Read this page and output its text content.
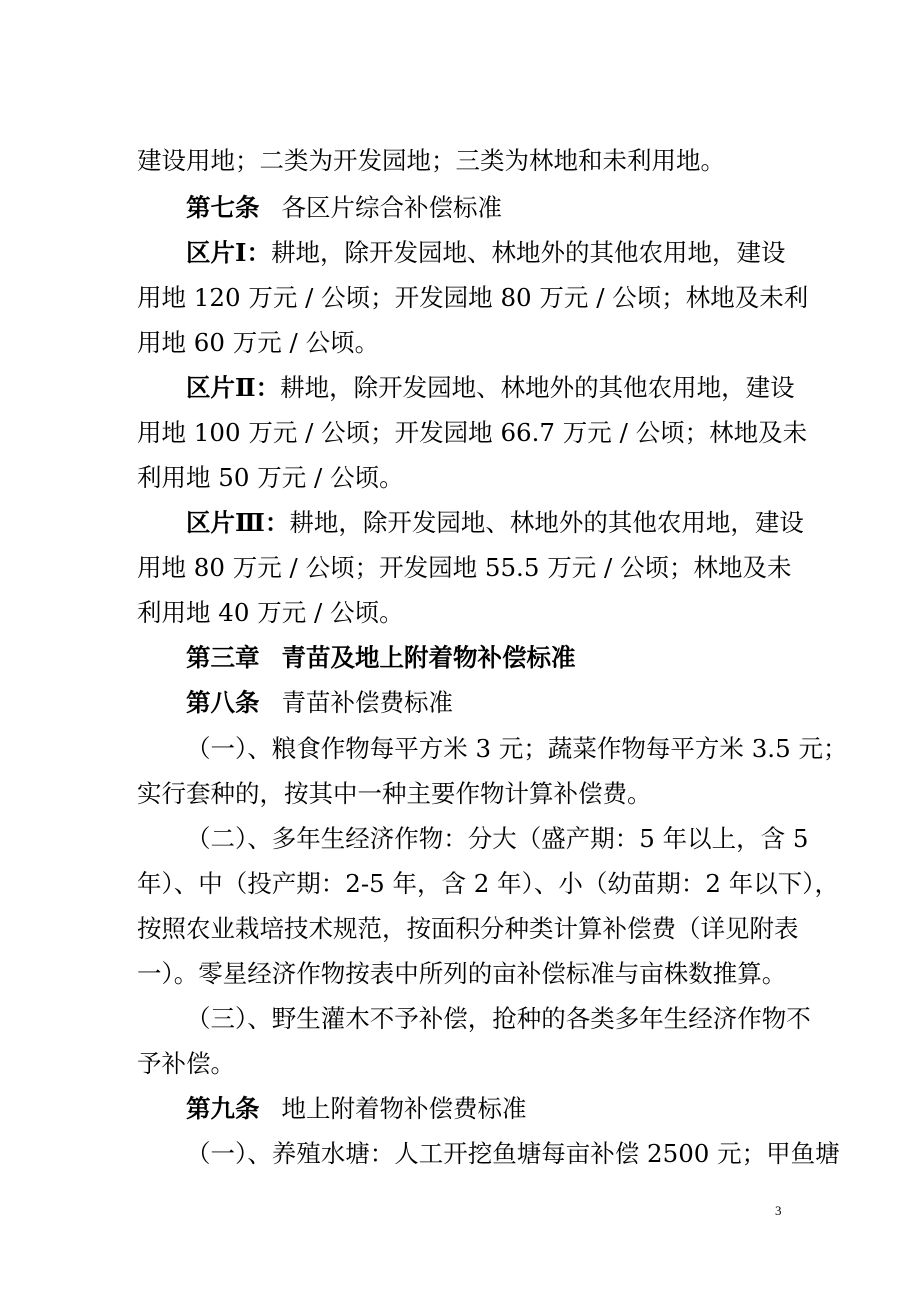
建设用地；二类为开发园地；三类为林地和未利用地。
第七条 各区片综合补偿标准
区片Ⅰ：耕地，除开发园地、林地外的其他农用地，建设
用地 120 万元 / 公顷；开发园地 80 万元 / 公顷；林地及未利
用地 60 万元 / 公顷。
区片Ⅱ：耕地，除开发园地、林地外的其他农用地，建设
用地 100 万元 / 公顷；开发园地 66.7 万元 / 公顷；林地及未
利用地 50 万元 / 公顷。
区片Ⅲ：耕地，除开发园地、林地外的其他农用地，建设
用地 80 万元 / 公顷；开发园地 55.5 万元 / 公顷；林地及未
利用地 40 万元 / 公顷。
第三章 青苗及地上附着物补偿标准
第八条 青苗补偿费标准
（一）、粮食作物每平方米 3 元；蔬菜作物每平方米 3.5 元；
实行套种的，按其中一种主要作物计算补偿费。
（二）、多年生经济作物：分大（盛产期：5 年以上，含 5
年）、中（投产期：2-5 年，含 2 年）、小（幼苗期：2 年以下），
按照农业栽培技术规范，按面积分种类计算补偿费（详见附表
一）。零星经济作物按表中所列的亩补偿标准与亩株数推算。
（三）、野生灌木不予补偿，抢种的各类多年生经济作物不
予补偿。
第九条 地上附着物补偿费标准
（一）、养殖水塘：人工开挖鱼塘每亩补偿 2500 元；甲鱼塘
3
